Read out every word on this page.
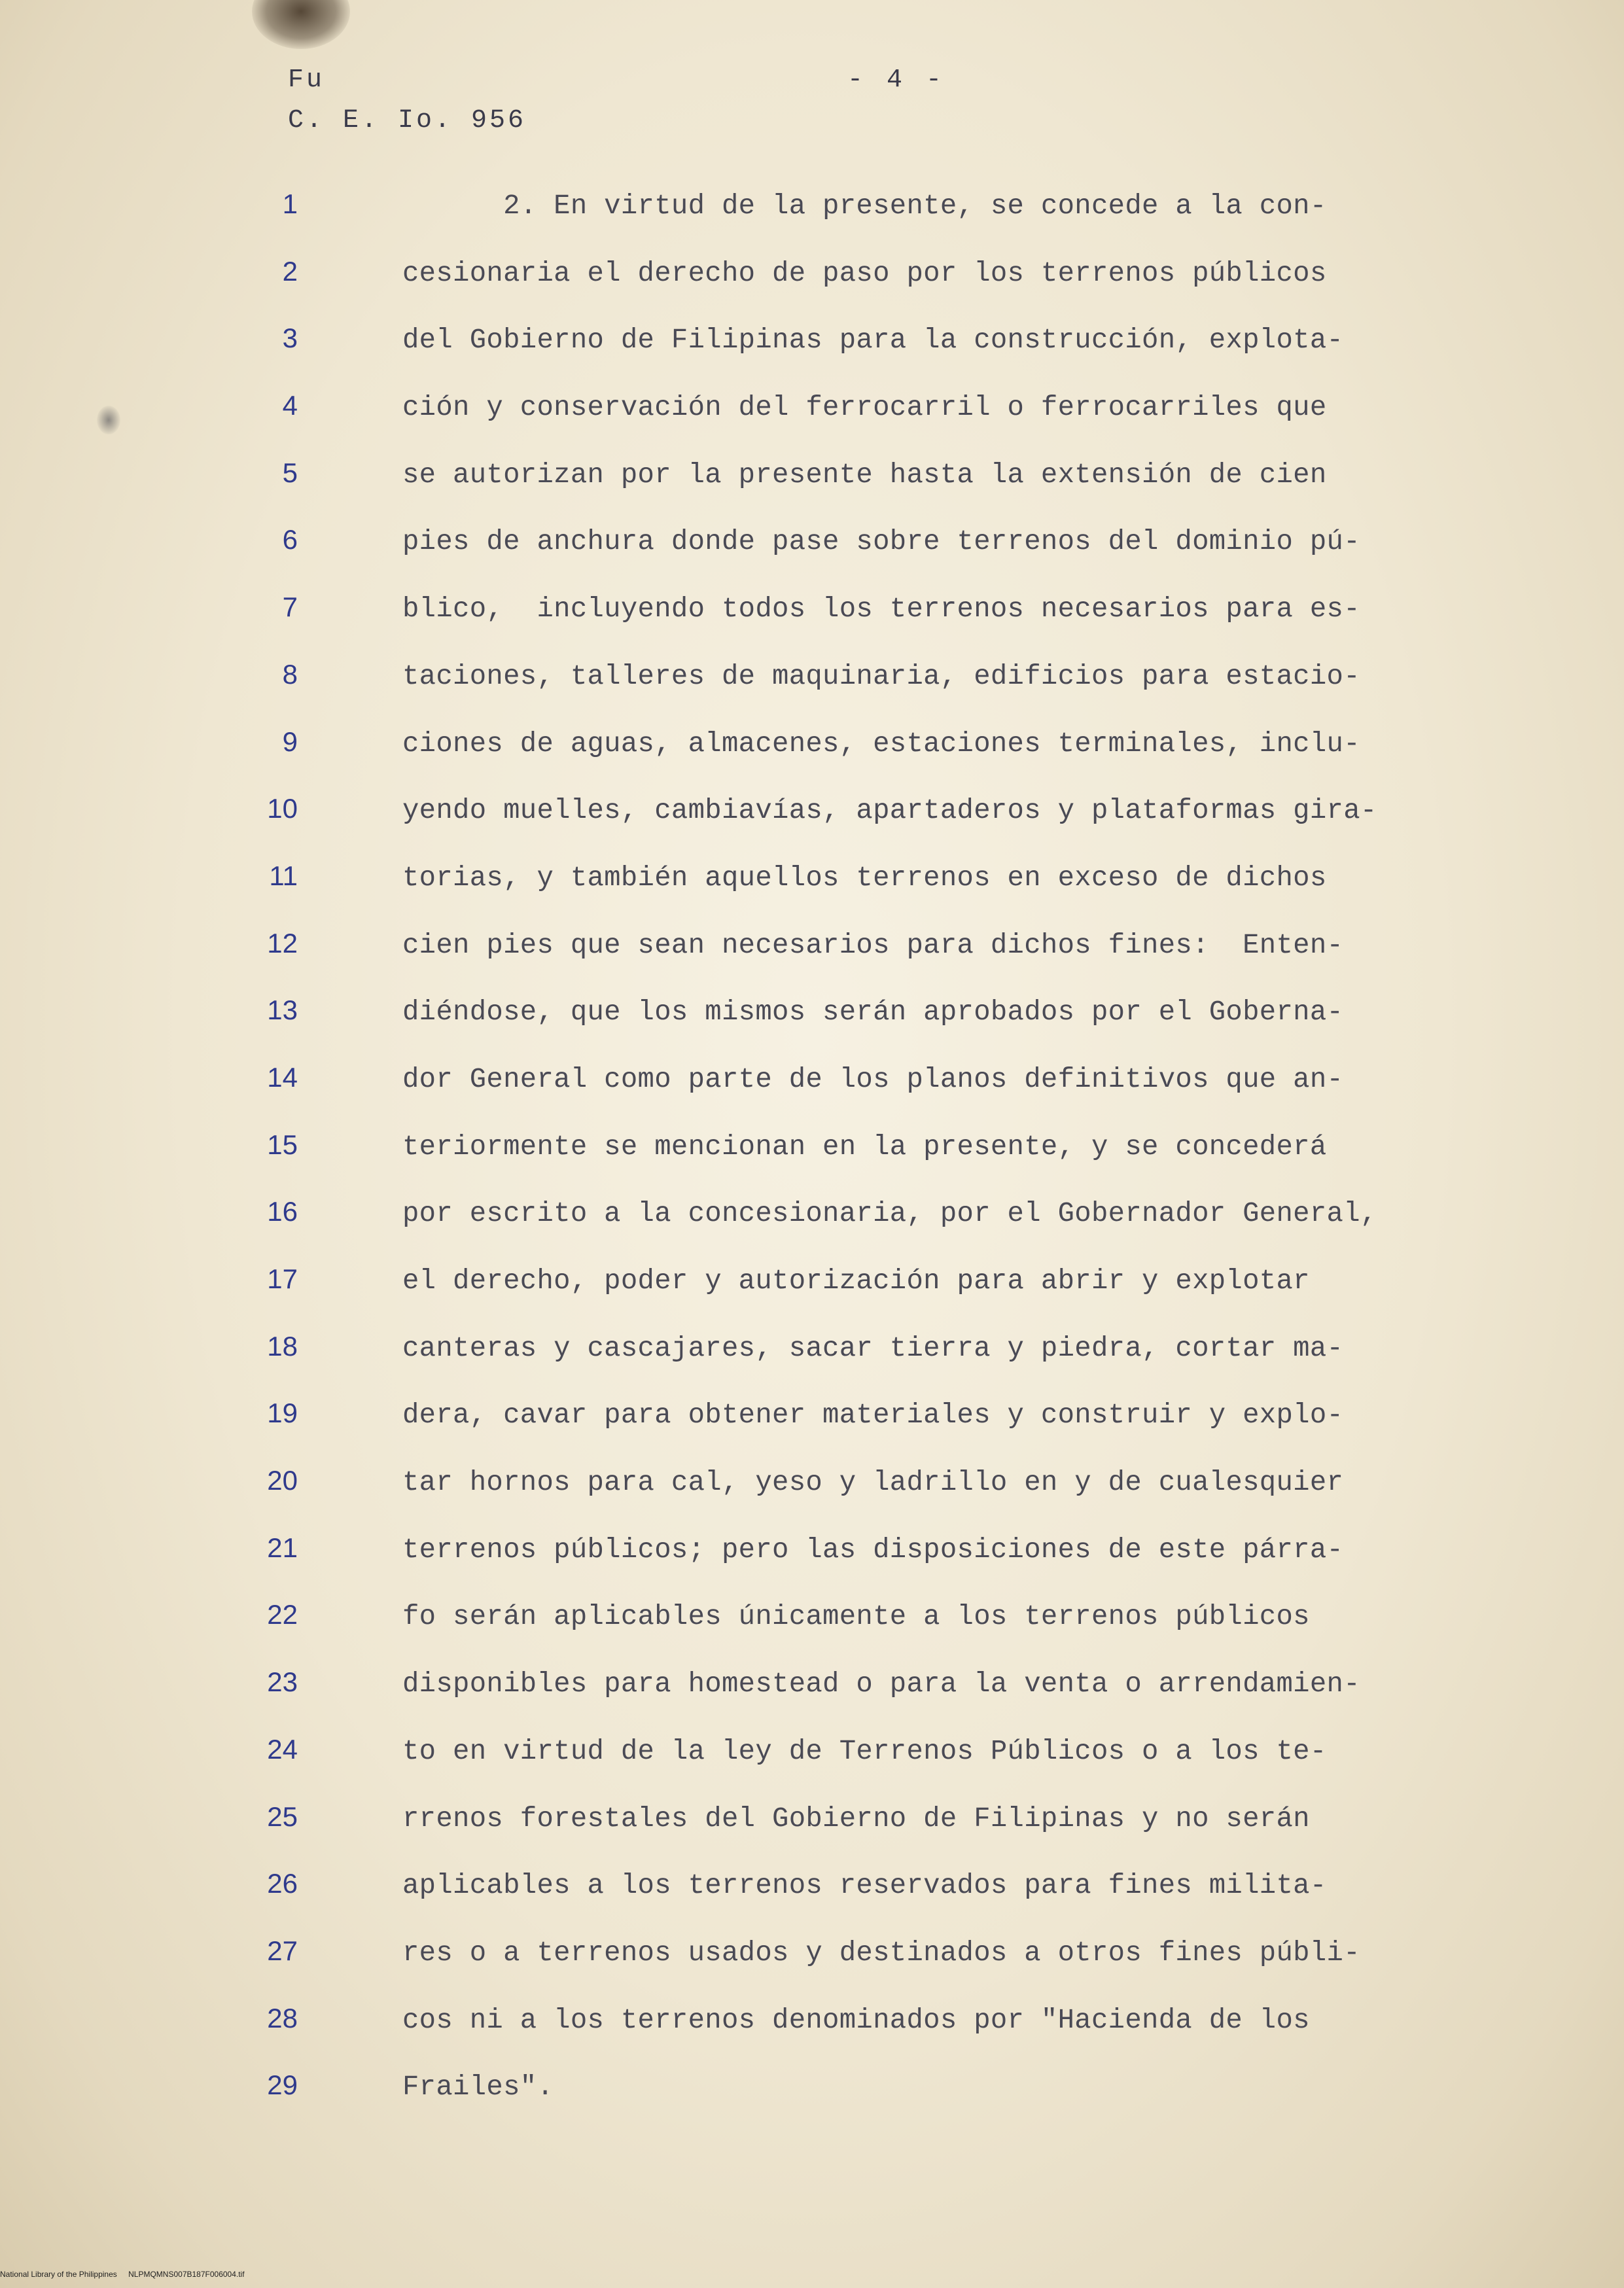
Fu
C. E. Io. 956
- 4 -
1	2. En virtud de la presente, se concede a la con-
2	cesionaria el derecho de paso por los terrenos públicos
3	del Gobierno de Filipinas para la construcción, explota-
4	ción y conservación del ferrocarril o ferrocarriles que
5	se autorizan por la presente hasta la extensión de cien
6	pies de anchura donde pase sobre terrenos del dominio pú-
7	blico,  incluyendo todos los terrenos necesarios para es-
8	taciones, talleres de maquinaria, edificios para estacio-
9	ciones de aguas, almacenes, estaciones terminales, inclu-
10	yendo muelles, cambiavías, apartaderos y plataformas gira-
11	torias, y también aquellos terrenos en exceso de dichos
12	cien pies que sean necesarios para dichos fines:  Enten-
13	diéndose, que los mismos serán aprobados por el Goberna-
14	dor General como parte de los planos definitivos que an-
15	teriormente se mencionan en la presente, y se concederá
16	por escrito a la concesionaria, por el Gobernador General,
17	el derecho, poder y autorización para abrir y explotar
18	canteras y cascajares, sacar tierra y piedra, cortar ma-
19	dera, cavar para obtener materiales y construir y explo-
20	tar hornos para cal, yeso y ladrillo en y de cualesquier
21	terrenos públicos; pero las disposiciones de este párra-
22	fo serán aplicables únicamente a los terrenos públicos
23	disponibles para homestead o para la venta o arrendamien-
24	to en virtud de la ley de Terrenos Públicos o a los te-
25	rrenos forestales del Gobierno de Filipinas y no serán
26	aplicables a los terrenos reservados para fines milita-
27	res o a terrenos usados y destinados a otros fines públi-
28	cos ni a los terrenos denominados por "Hacienda de los
29	Frailes".
National Library of the Philippines NLPMQMNS007B187F006004.tif
